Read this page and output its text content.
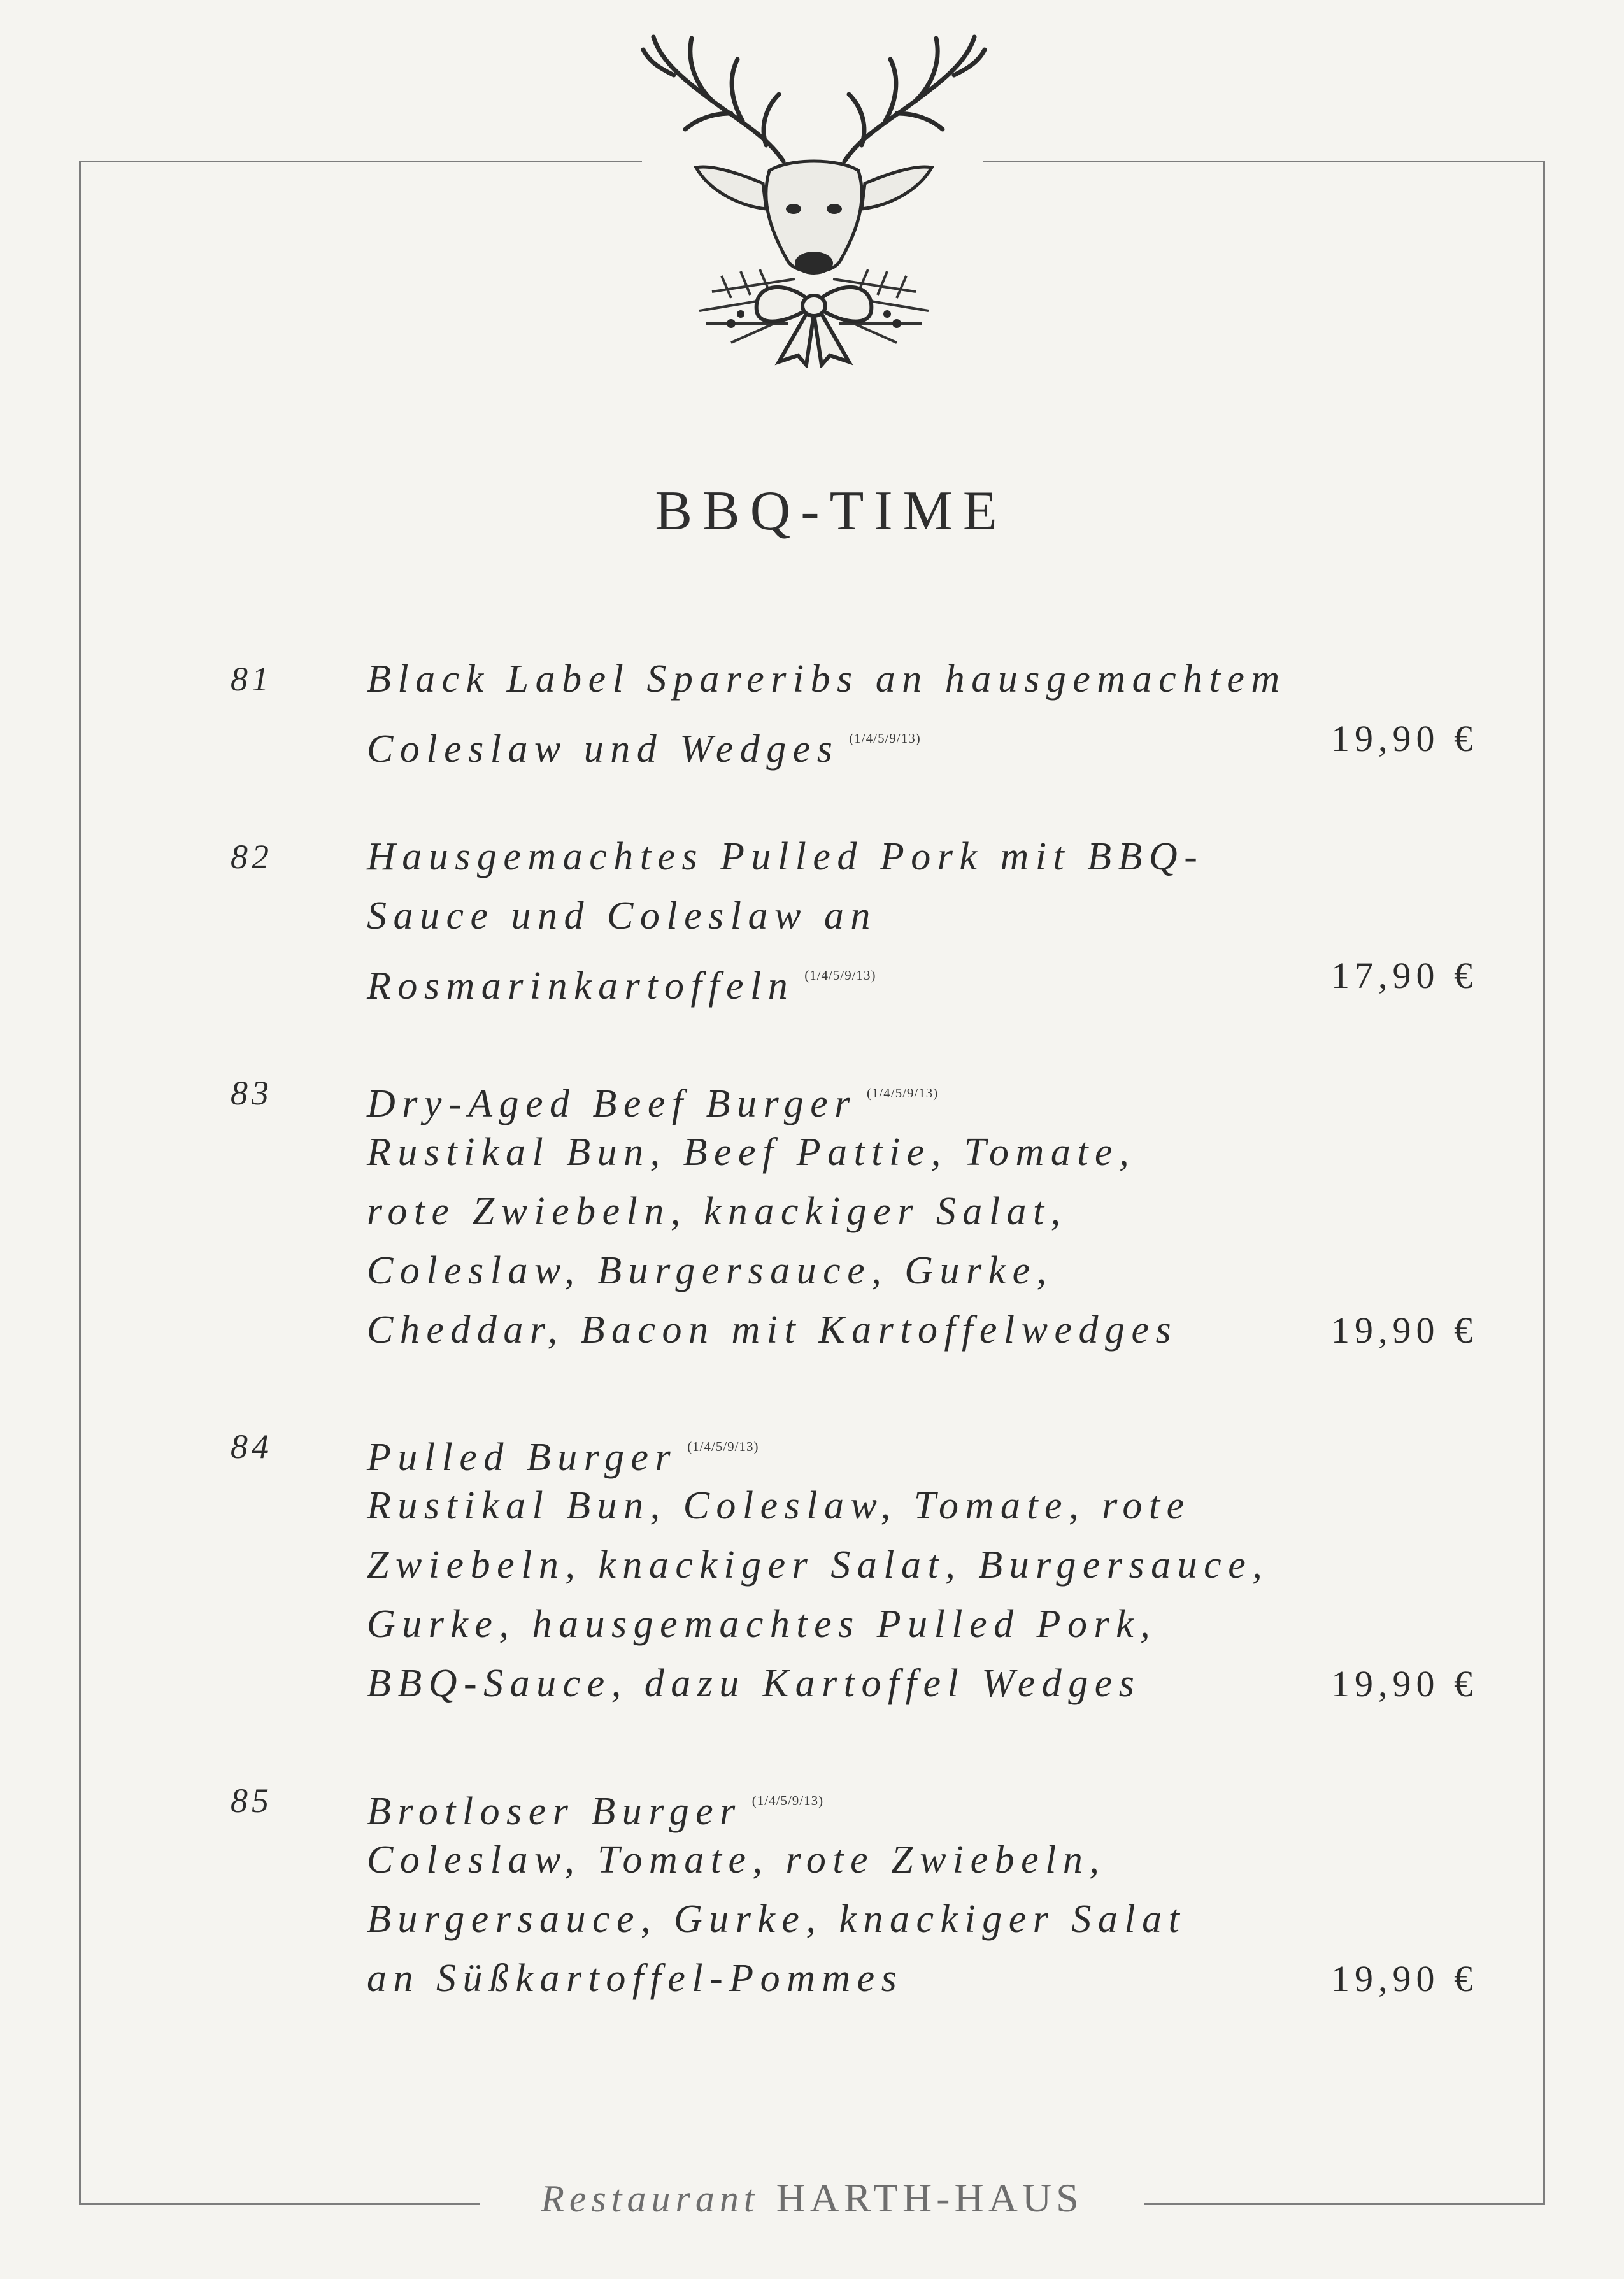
BBQ-TIME
81 Black Label Spareribs an hausgemachtem
Coleslaw und Wedges $^{(1/4/5/9/13)}$	19,90 €
82 Hausgemachtes Pulled Pork mit BBQ-
Sauce und Coleslaw an
Rosmarinkartoffeln $^{(1/4/5/9/13)}$	17,90 €
83 Dry-Aged Beef Burger $^{(1/4/5/9/13)}$
Rustikal Bun, Beef Pattie, Tomate,
rote Zwiebeln, knackiger Salat,
Coleslaw, Burgersauce, Gurke,
Cheddar, Bacon mit Kartoffelwedges	19,90 €
84 Pulled Burger $^{(1/4/5/9/13)}$
Rustikal Bun, Coleslaw, Tomate, rote
Zwiebeln, knackiger Salat, Burgersauce,
Gurke, hausgemachtes Pulled Pork,
BBQ-Sauce, dazu Kartoffel Wedges	19,90 €
85 Brotloser Burger $^{(1/4/5/9/13)}$
Coleslaw, Tomate, rote Zwiebeln,
Burgersauce, Gurke, knackiger Salat
an Süßkartoffel-Pommes	19,90 €
Restaurant HARTH-HAUS
